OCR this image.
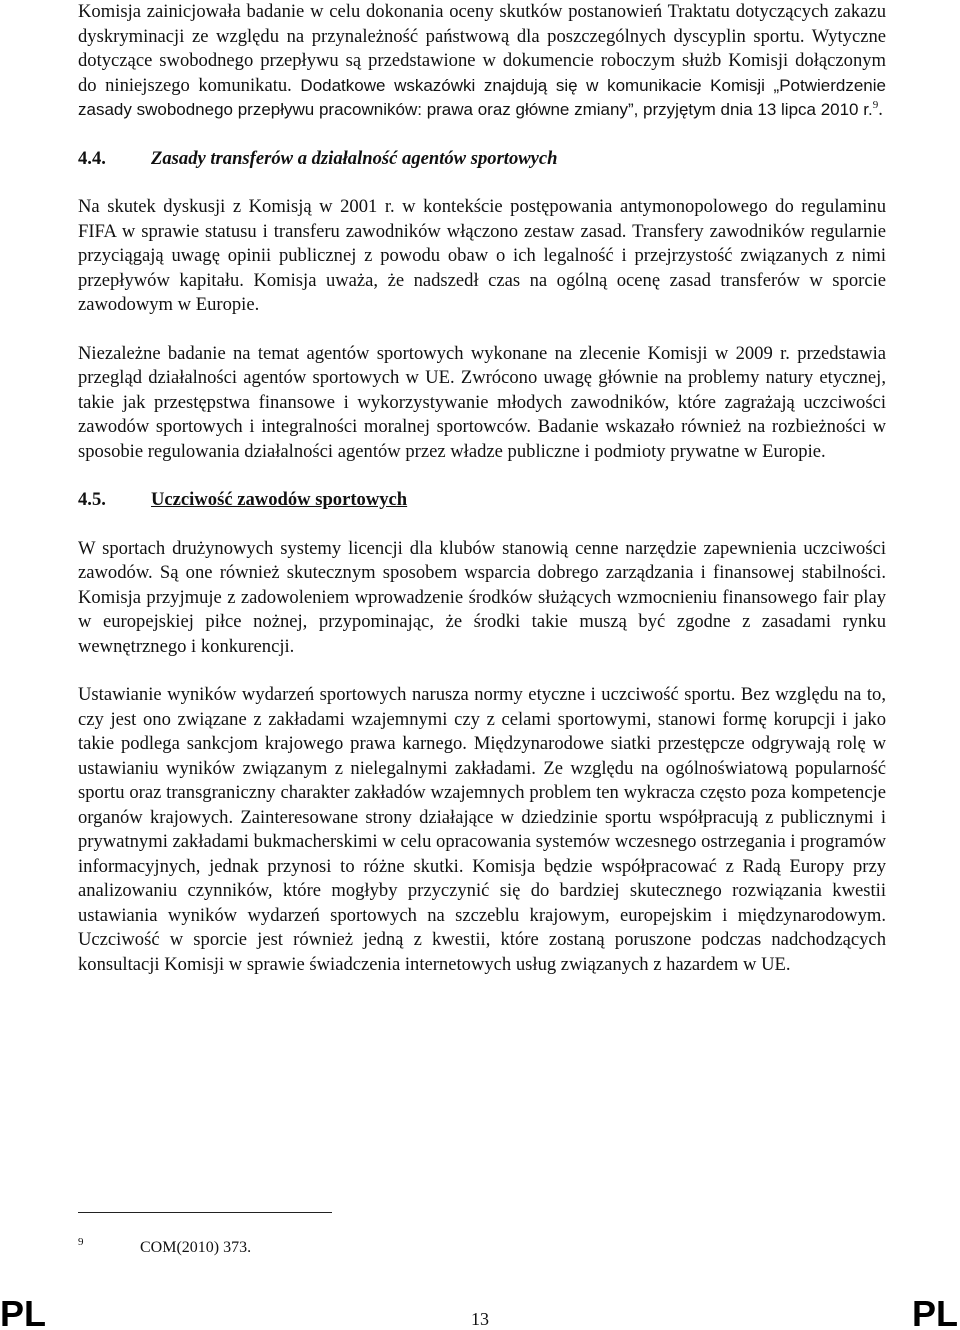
Komisja zainicjowała badanie w celu dokonania oceny skutków postanowień Traktatu dotyczących zakazu dyskryminacji ze względu na przynależność państwową dla poszczególnych dyscyplin sportu. Wytyczne dotyczące swobodnego przepływu są przedstawione w dokumencie roboczym służb Komisji dołączonym do niniejszego komunikatu. Dodatkowe wskazówki znajdują się w komunikacie Komisji „Potwierdzenie zasady swobodnego przepływu pracowników: prawa oraz główne zmiany”, przyjętym dnia 13 lipca 2010 r.$^9$.

4.4.	Zasady transferów a działalność agentów sportowych

Na skutek dyskusji z Komisją w 2001 r. w kontekście postępowania antymonopolowego do regulaminu FIFA w sprawie statusu i transferu zawodników włączono zestaw zasad. Transfery zawodników regularnie przyciągają uwagę opinii publicznej z powodu obaw o ich legalność i przejrzystość związanych z nimi przepływów kapitału. Komisja uważa, że nadszedł czas na ogólną ocenę zasad transferów w sporcie zawodowym w Europie.

Niezależne badanie na temat agentów sportowych wykonane na zlecenie Komisji w 2009 r. przedstawia przegląd działalności agentów sportowych w UE. Zwrócono uwagę głównie na problemy natury etycznej, takie jak przestępstwa finansowe i wykorzystywanie młodych zawodników, które zagrażają uczciwości zawodów sportowych i integralności moralnej sportowców. Badanie wskazało również na rozbieżności w sposobie regulowania działalności agentów przez władze publiczne i podmioty prywatne w Europie.

4.5.	Uczciwość zawodów sportowych

W sportach drużynowych systemy licencji dla klubów stanowią cenne narzędzie zapewnienia uczciwości zawodów. Są one również skutecznym sposobem wsparcia dobrego zarządzania i finansowej stabilności. Komisja przyjmuje z zadowoleniem wprowadzenie środków służących wzmocnieniu finansowego fair play w europejskiej piłce nożnej, przypominając, że środki takie muszą być zgodne z zasadami rynku wewnętrznego i konkurencji.

Ustawianie wyników wydarzeń sportowych narusza normy etyczne i uczciwość sportu. Bez względu na to, czy jest ono związane z zakładami wzajemnymi czy z celami sportowymi, stanowi formę korupcji i jako takie podlega sankcjom krajowego prawa karnego. Międzynarodowe siatki przestępcze odgrywają rolę w ustawianiu wyników związanym z nielegalnymi zakładami. Ze względu na ogólnoświatową popularność sportu oraz transgraniczny charakter zakładów wzajemnych problem ten wykracza często poza kompetencje organów krajowych. Zainteresowane strony działające w dziedzinie sportu współpracują z publicznymi i prywatnymi zakładami bukmacherskimi w celu opracowania systemów wczesnego ostrzegania i programów informacyjnych, jednak przynosi to różne skutki. Komisja będzie współpracować z Radą Europy przy analizowaniu czynników, które mogłyby przyczynić się do bardziej skutecznego rozwiązania kwestii ustawiania wyników wydarzeń sportowych na szczeblu krajowym, europejskim i międzynarodowym. Uczciwość w sporcie jest również jedną z kwestii, które zostaną poruszone podczas nadchodzących konsultacji Komisji w sprawie świadczenia internetowych usług związanych z hazardem w UE.

9	COM(2010) 373.
PL	13	PL
